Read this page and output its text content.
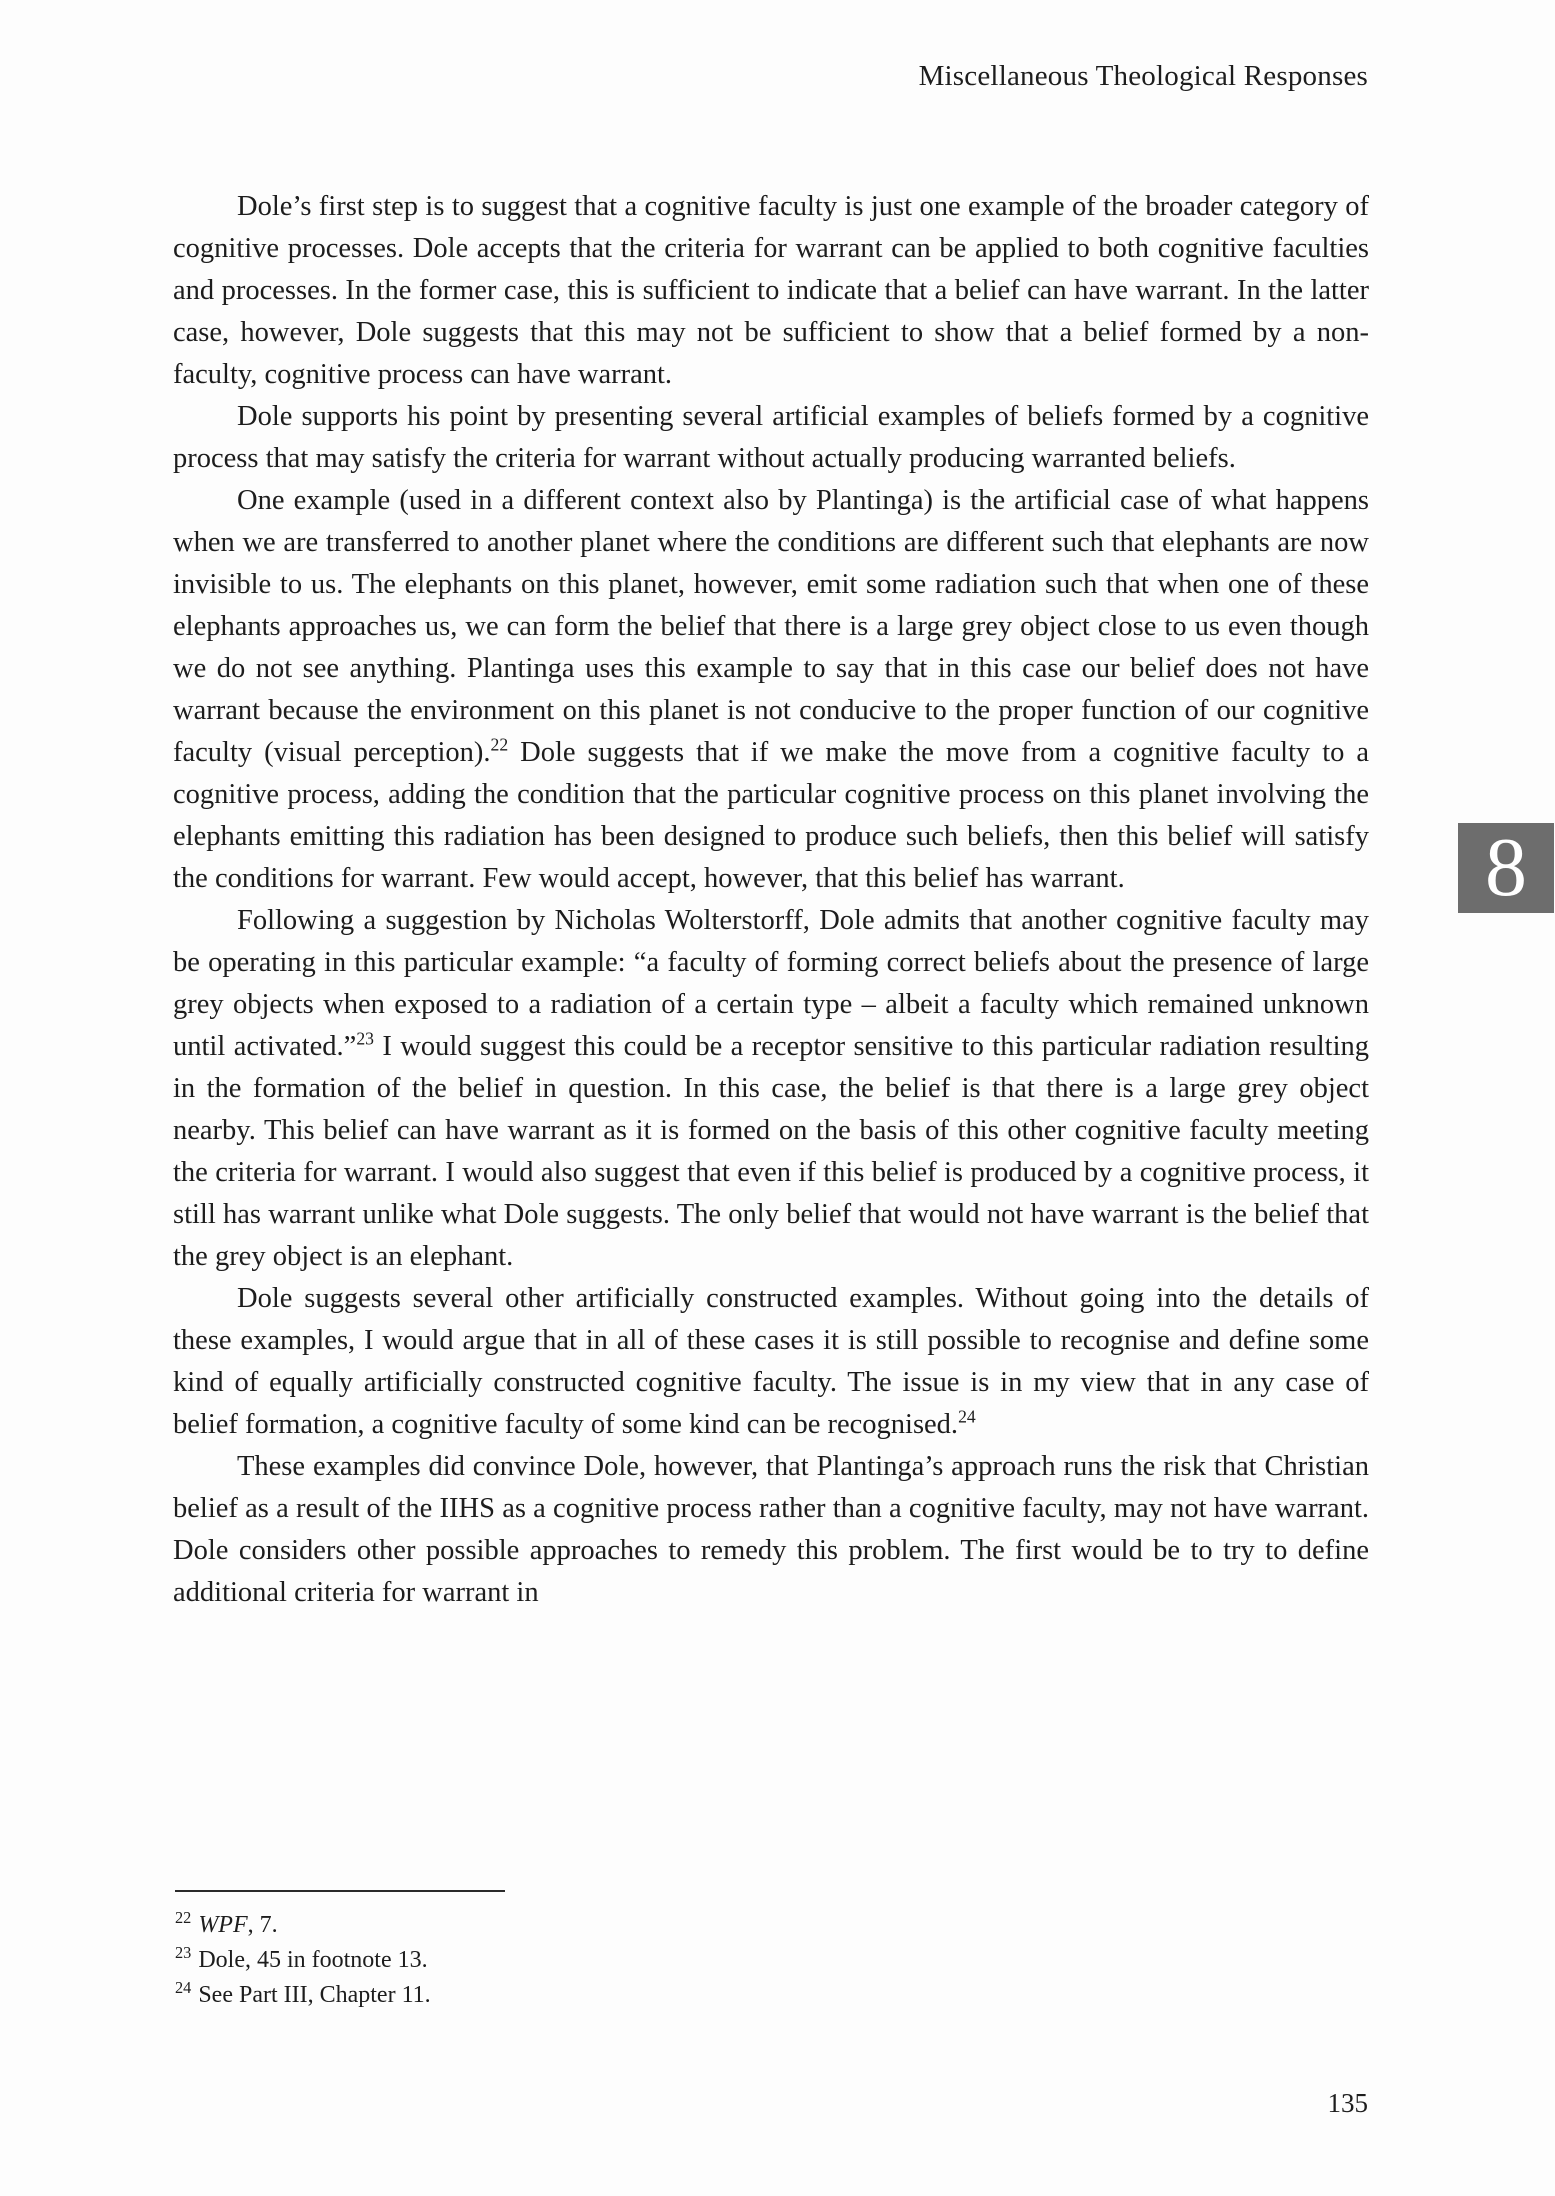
Miscellaneous Theological Responses
8

Dole’s first step is to suggest that a cognitive faculty is just one example of the broader category of cognitive processes. Dole accepts that the criteria for warrant can be applied to both cognitive faculties and processes. In the former case, this is sufficient to indicate that a belief can have warrant. In the latter case, however, Dole suggests that this may not be sufficient to show that a belief formed by a non-faculty, cognitive process can have warrant.

Dole supports his point by presenting several artificial examples of beliefs formed by a cognitive process that may satisfy the criteria for warrant without actually producing warranted beliefs.

One example (used in a different context also by Plantinga) is the artificial case of what happens when we are transferred to another planet where the conditions are different such that elephants are now invisible to us. The elephants on this planet, however, emit some radiation such that when one of these elephants approaches us, we can form the belief that there is a large grey object close to us even though we do not see anything. Plantinga uses this example to say that in this case our belief does not have warrant because the environment on this planet is not conducive to the proper function of our cognitive faculty (visual perception).$^{22}$ Dole suggests that if we make the move from a cognitive faculty to a cognitive process, adding the condition that the particular cognitive process on this planet involving the elephants emitting this radiation has been designed to produce such beliefs, then this belief will satisfy the conditions for warrant. Few would accept, however, that this belief has warrant.

Following a suggestion by Nicholas Wolterstorff, Dole admits that another cognitive faculty may be operating in this particular example: “a faculty of forming correct beliefs about the presence of large grey objects when exposed to a radiation of a certain type – albeit a faculty which remained unknown until activated.”$^{23}$ I would suggest this could be a receptor sensitive to this particular radiation resulting in the formation of the belief in question. In this case, the belief is that there is a large grey object nearby. This belief can have warrant as it is formed on the basis of this other cognitive faculty meeting the criteria for warrant. I would also suggest that even if this belief is produced by a cognitive process, it still has warrant unlike what Dole suggests. The only belief that would not have warrant is the belief that the grey object is an elephant.

Dole suggests several other artificially constructed examples. Without going into the details of these examples, I would argue that in all of these cases it is still possible to recognise and define some kind of equally artificially constructed cognitive faculty. The issue is in my view that in any case of belief formation, a cognitive faculty of some kind can be recognised.$^{24}$

These examples did convince Dole, however, that Plantinga’s approach runs the risk that Christian belief as a result of the IIHS as a cognitive process rather than a cognitive faculty, may not have warrant. Dole considers other possible approaches to remedy this problem. The first would be to try to define additional criteria for warrant in

$^{22}$ WPF, 7.
$^{23}$ Dole, 45 in footnote 13.
$^{24}$ See Part III, Chapter 11.
135
